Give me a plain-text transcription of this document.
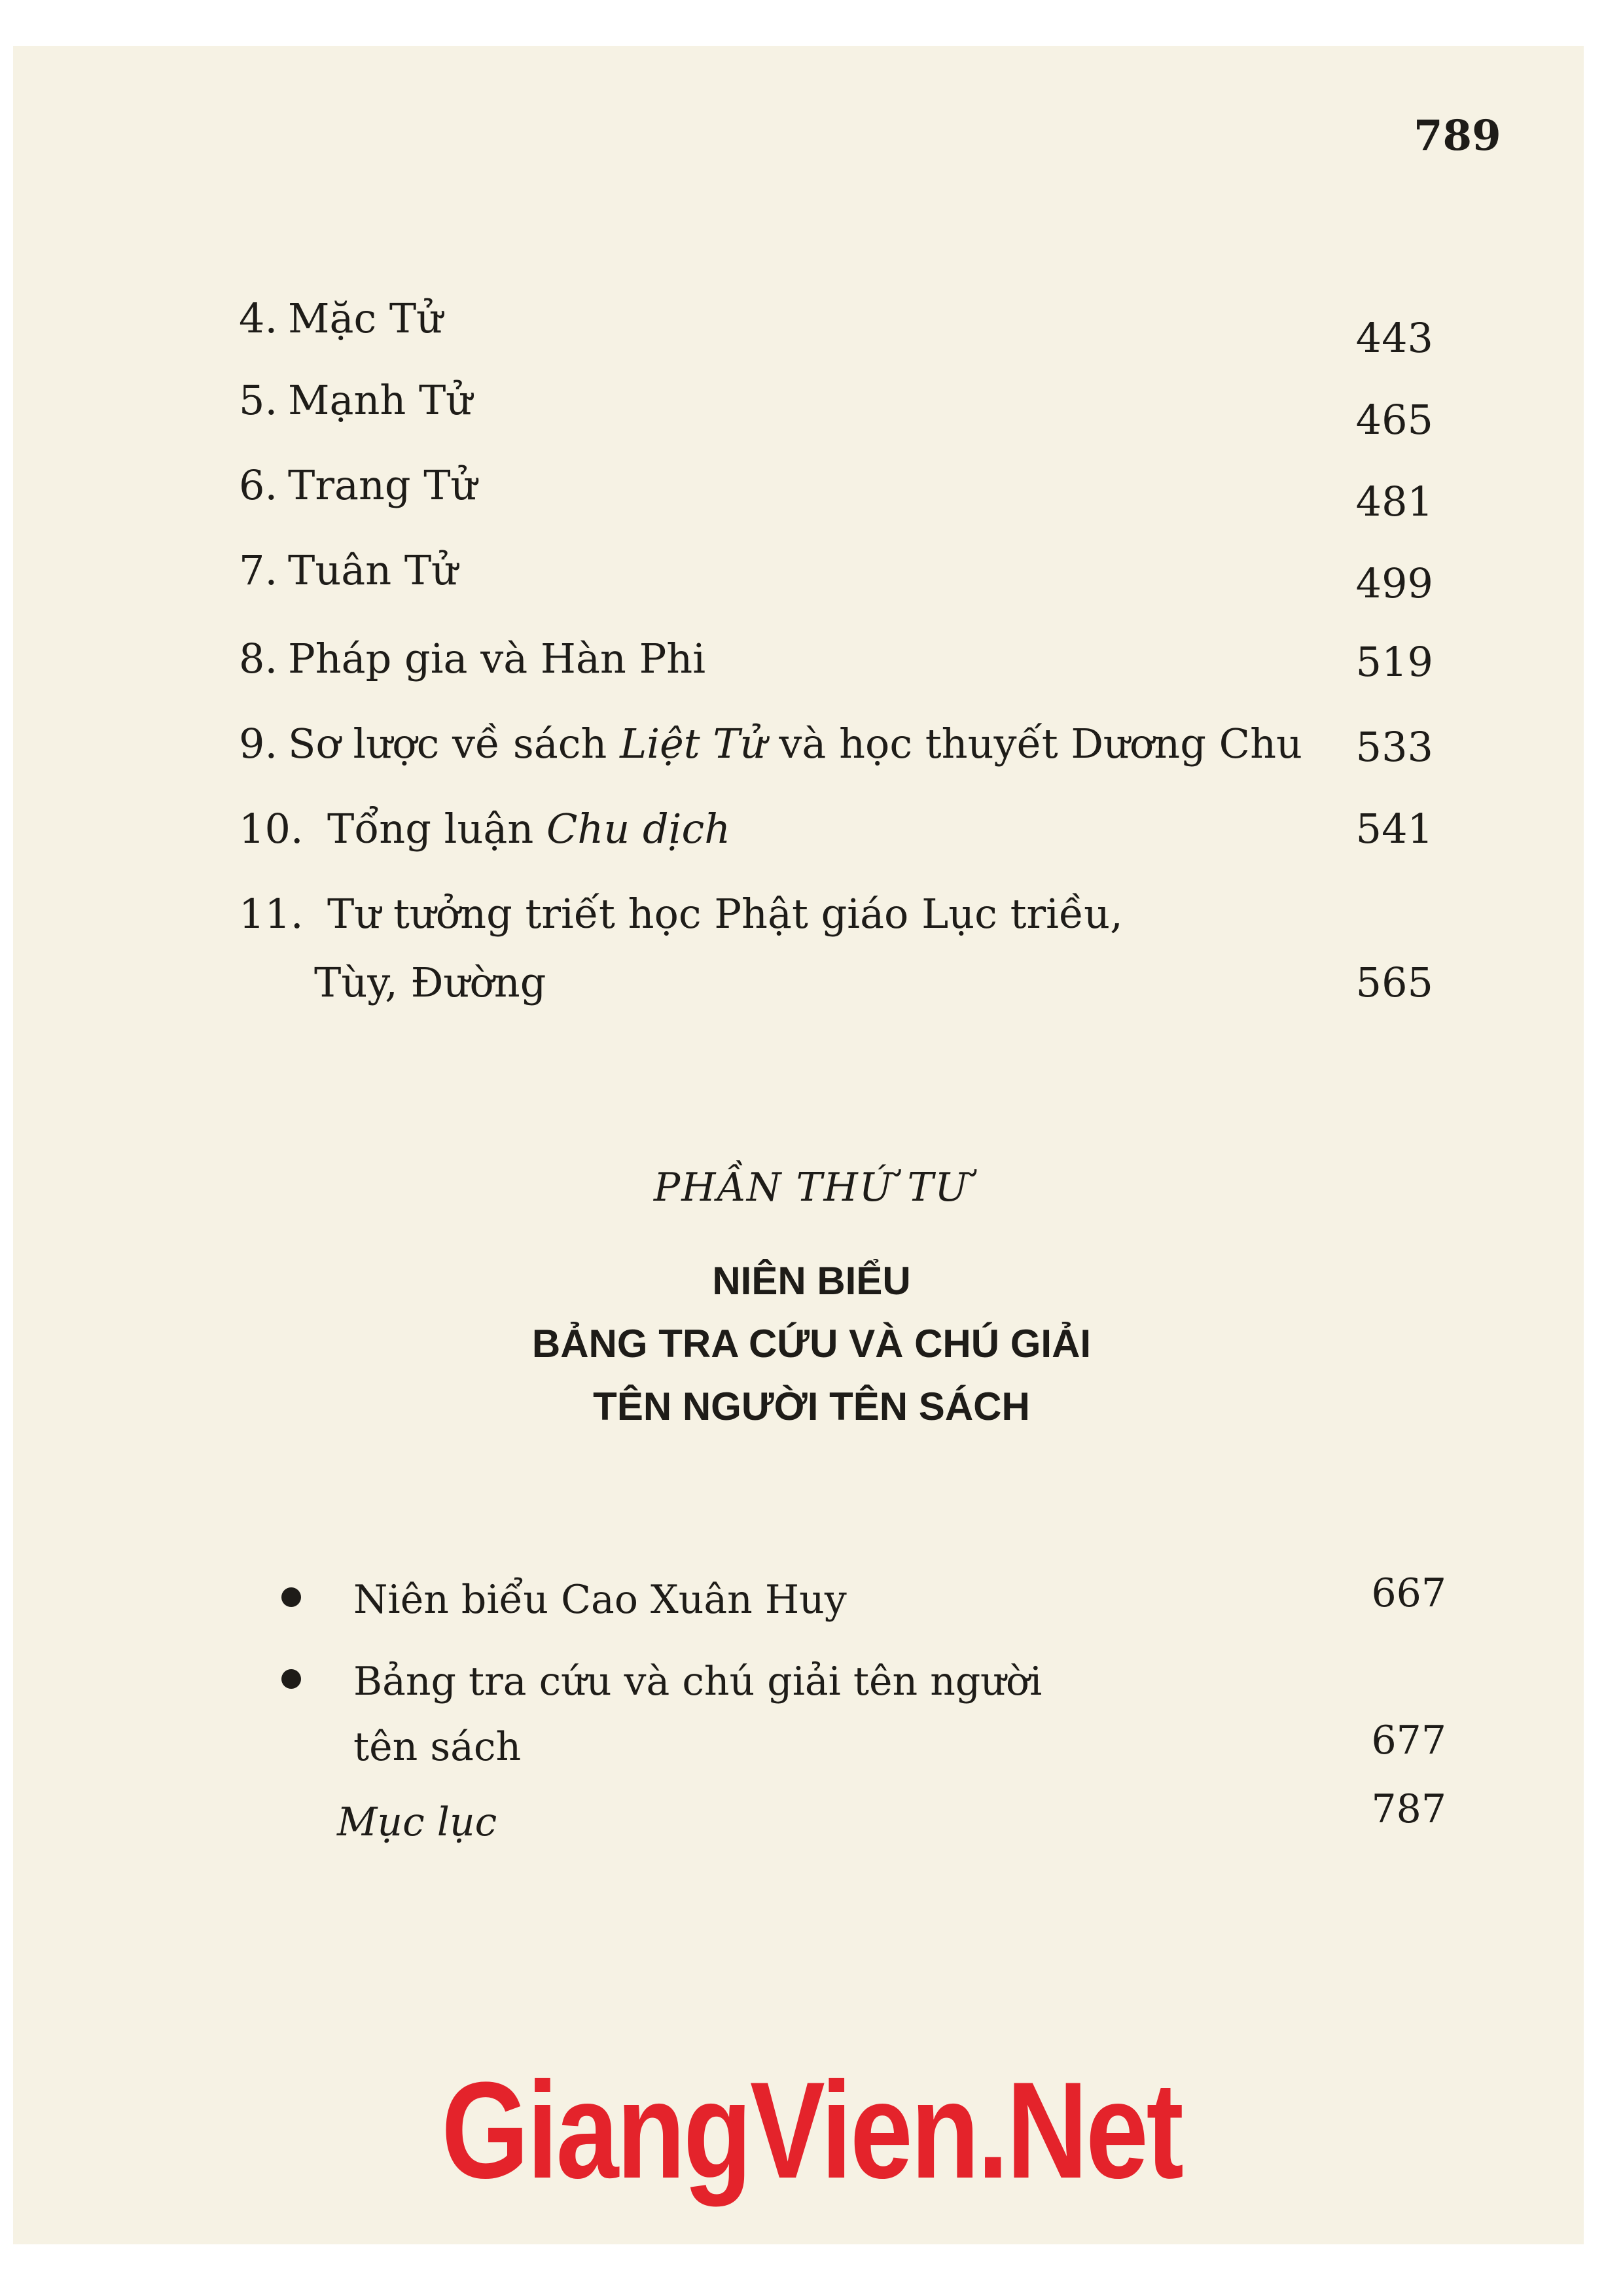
789
4. Mặc Tử	443
5. Mạnh Tử	465
6. Trang Tử	481
7. Tuân Tử	499
8. Pháp gia và Hàn Phi	519
9. Sơ lược về sách Liệt Tử và học thuyết Dương Chu 533
10. Tổng luận Chu dịch	541
11. Tư tưởng triết học Phật giáo Lục triều,
Tùy, Đường	565
PHẦN THỨ TƯ
NIÊN BIỂU
BẢNG TRA CỨU VÀ CHÚ GIẢI
TÊN NGƯỜI TÊN SÁCH
Niên biểu Cao Xuân Huy	667
Bảng tra cứu và chú giải tên người
tên sách	677
Mục lục	787
GiangVien.Net
